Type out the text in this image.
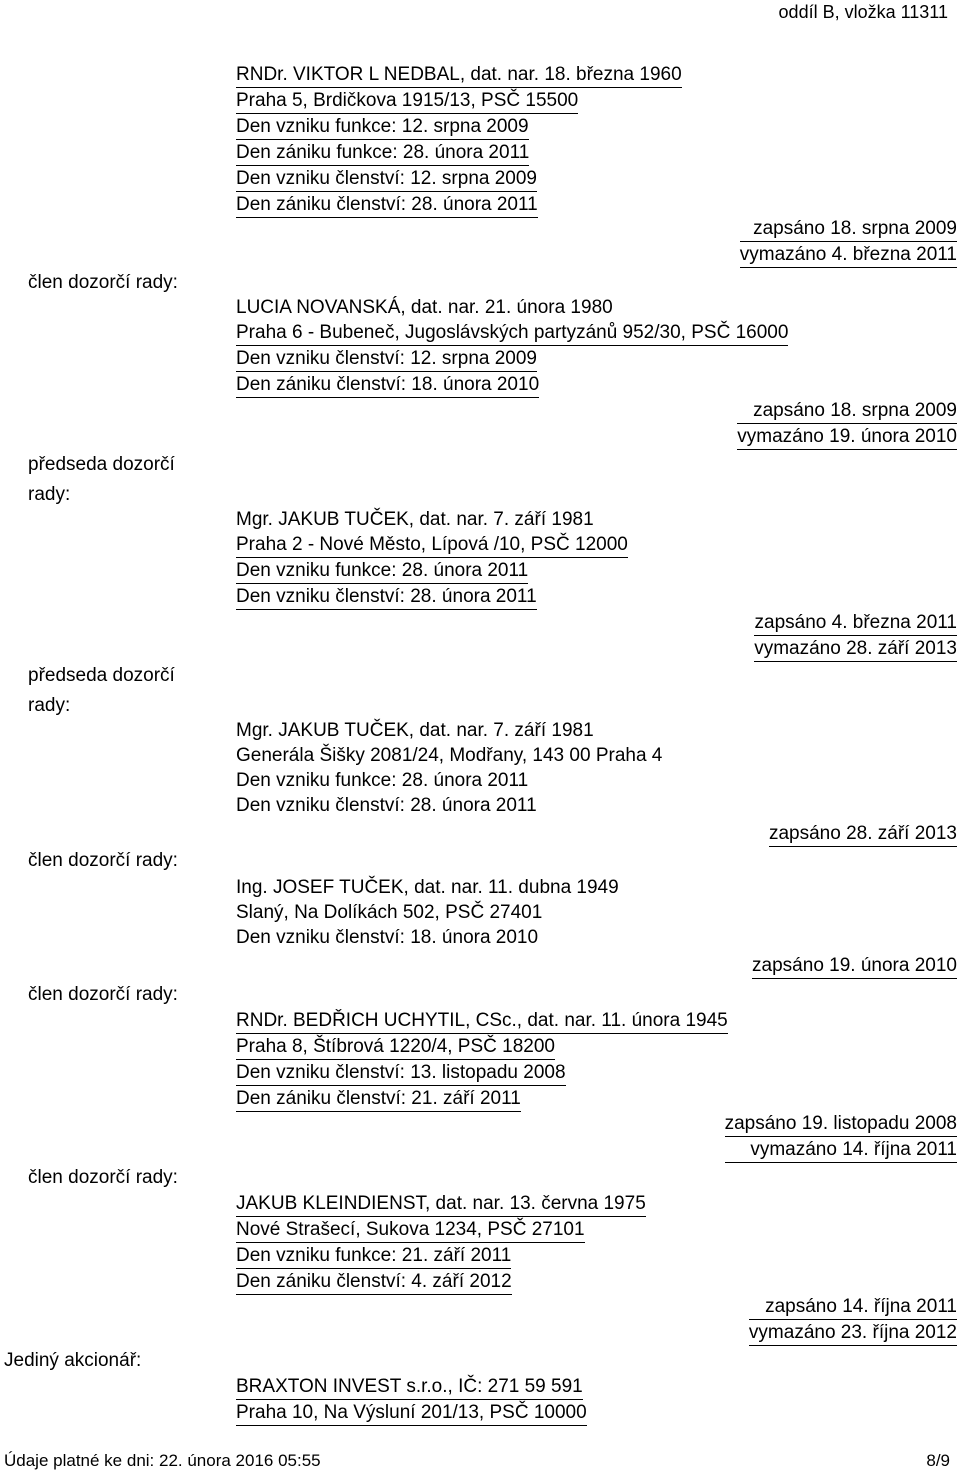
oddíl B, vložka 11311
RNDr. VIKTOR L NEDBAL, dat. nar. 18. března 1960
Praha 5, Brdičkova 1915/13, PSČ 15500
Den vzniku funkce: 12. srpna 2009
Den zániku funkce: 28. února 2011
Den vzniku členství: 12. srpna 2009
Den zániku členství: 28. února 2011
zapsáno 18. srpna 2009
vymazáno 4. března 2011
člen dozorčí rady:
LUCIA NOVANSKÁ, dat. nar. 21. února 1980
Praha 6 - Bubeneč, Jugoslávských partyzánů 952/30, PSČ 16000
Den vzniku členství: 12. srpna 2009
Den zániku členství: 18. února 2010
zapsáno 18. srpna 2009
vymazáno 19. února 2010
předseda dozorčí
rady:
Mgr. JAKUB TUČEK, dat. nar. 7. září 1981
Praha 2 - Nové Město, Lípová /10, PSČ 12000
Den vzniku funkce: 28. února 2011
Den vzniku členství: 28. února 2011
zapsáno 4. března 2011
vymazáno 28. září 2013
předseda dozorčí
rady:
Mgr. JAKUB TUČEK, dat. nar. 7. září 1981
Generála Šišky 2081/24, Modřany, 143 00 Praha 4
Den vzniku funkce: 28. února 2011
Den vzniku členství: 28. února 2011
zapsáno 28. září 2013
člen dozorčí rady:
Ing. JOSEF TUČEK, dat. nar. 11. dubna 1949
Slaný, Na Dolíkách 502, PSČ 27401
Den vzniku členství: 18. února 2010
zapsáno 19. února 2010
člen dozorčí rady:
RNDr. BEDŘICH UCHYTIL, CSc., dat. nar. 11. února 1945
Praha 8, Štíbrová 1220/4, PSČ 18200
Den vzniku členství: 13. listopadu 2008
Den zániku členství: 21. září 2011
zapsáno 19. listopadu 2008
vymazáno 14. října 2011
člen dozorčí rady:
JAKUB KLEINDIENST, dat. nar. 13. června 1975
Nové Strašecí, Sukova 1234, PSČ 27101
Den vzniku funkce: 21. září 2011
Den zániku členství: 4. září 2012
zapsáno 14. října 2011
vymazáno 23. října 2012
Jediný akcionář:
BRAXTON INVEST s.r.o., IČ: 271 59 591
Praha 10, Na Výsluní 201/13, PSČ 10000
Údaje platné ke dni: 22. února 2016 05:55	8/9
